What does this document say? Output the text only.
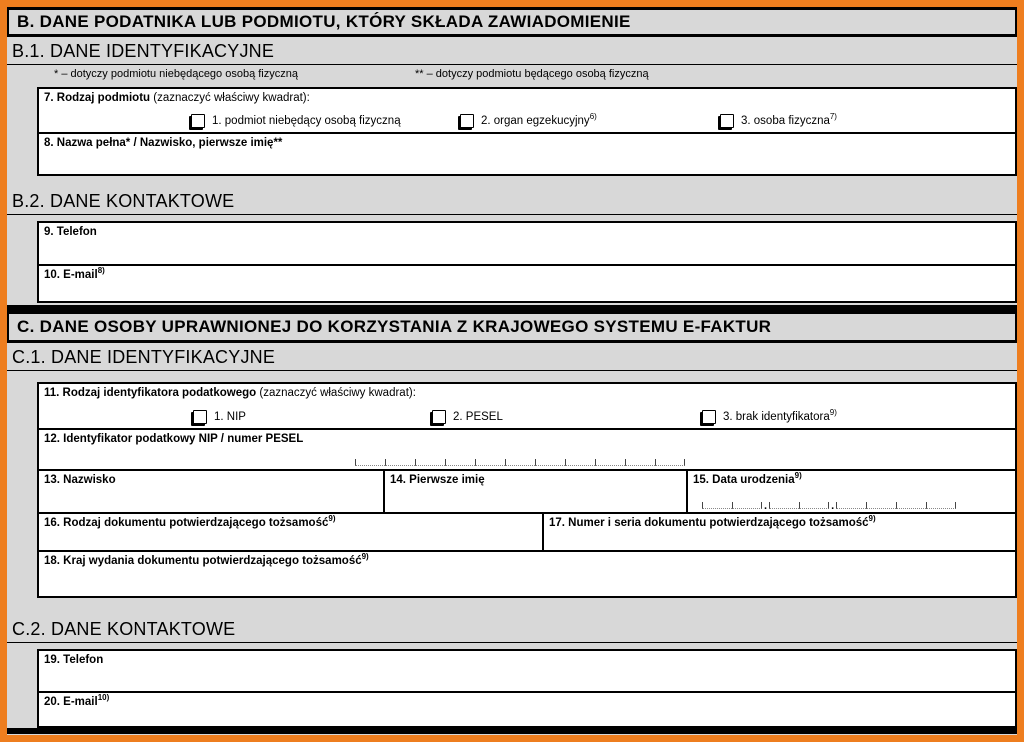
B. DANE PODATNIKA LUB PODMIOTU, KTÓRY SKŁADA ZAWIADOMIENIE
B.1. DANE IDENTYFIKACYJNE
* – dotyczy podmiotu niebędącego osobą fizyczną	** – dotyczy podmiotu będącego osobą fizyczną
7. Rodzaj podmiotu (zaznaczyć właściwy kwadrat):
1. podmiot niebędący osobą fizyczną	2. organ egzekucyjny$^{6)}$	3. osoba fizyczna$^{7)}$
8. Nazwa pełna* / Nazwisko, pierwsze imię**
B.2. DANE KONTAKTOWE
9. Telefon
10. E-mail$^{8)}$
C. DANE OSOBY UPRAWNIONEJ DO KORZYSTANIA Z KRAJOWEGO SYSTEMU E-FAKTUR
C.1. DANE IDENTYFIKACYJNE
11. Rodzaj identyfikatora podatkowego (zaznaczyć właściwy kwadrat):
1. NIP	2. PESEL	3. brak identyfikatora$^{9)}$
12. Identyfikator podatkowy NIP / numer PESEL
13. Nazwisko	14. Pierwsze imię	15. Data urodzenia$^{9)}$
.	.
16. Rodzaj dokumentu potwierdzającego tożsamość$^{9)}$	17. Numer i seria dokumentu potwierdzającego tożsamość$^{9)}$
18. Kraj wydania dokumentu potwierdzającego tożsamość$^{9)}$
C.2. DANE KONTAKTOWE
19. Telefon
20. E-mail$^{10)}$
